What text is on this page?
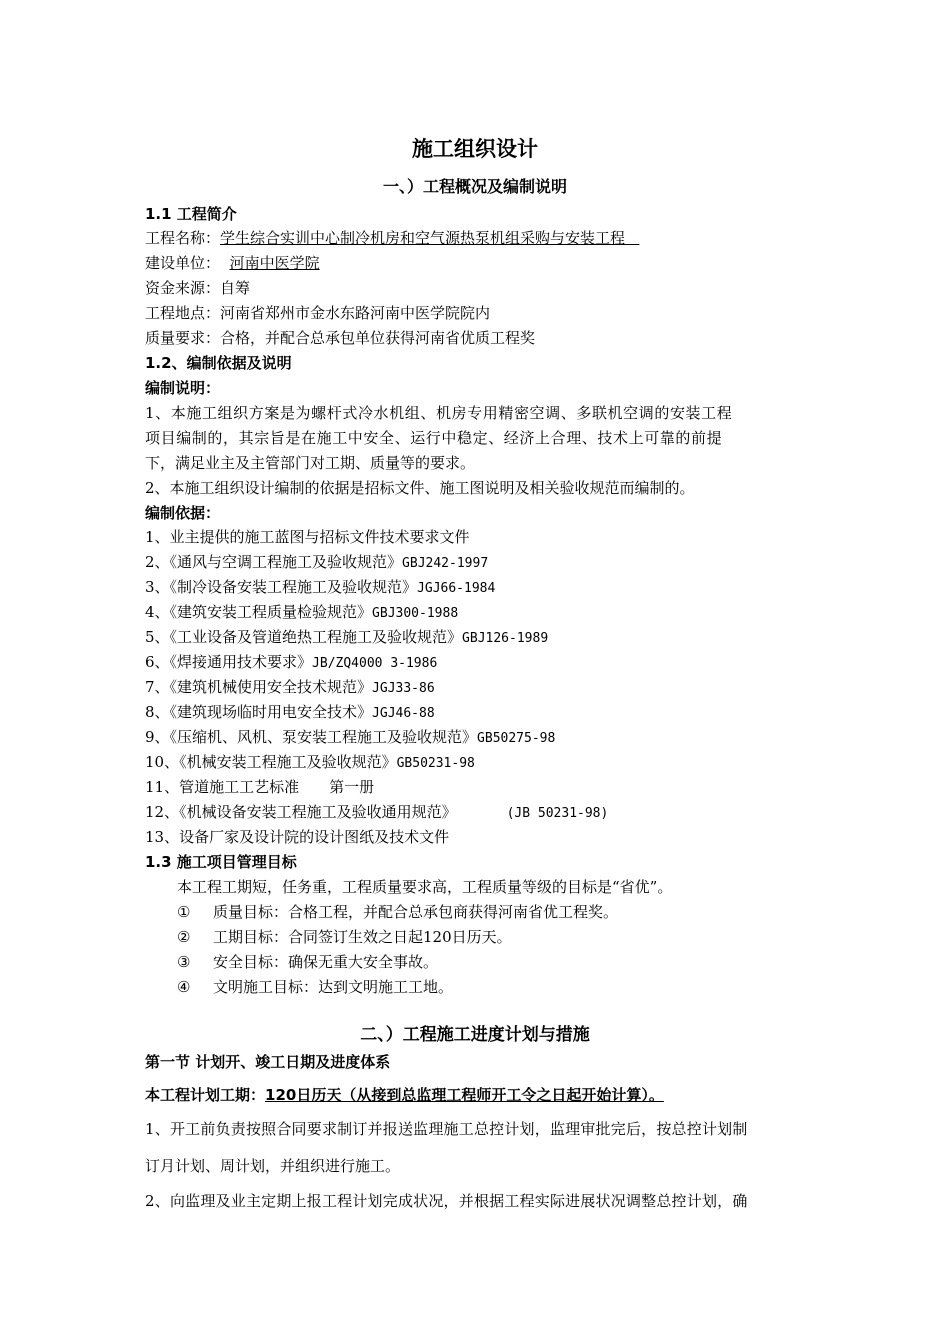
施工组织设计
一、）工程概况及编制说明
1.1 工程简介
工程名称：学生综合实训中心制冷机房和空气源热泵机组采购与安装工程
建设单位： 河南中医学院
资金来源：自筹
工程地点：河南省郑州市金水东路河南中医学院院内
质量要求：合格，并配合总承包单位获得河南省优质工程奖
1.2、编制依据及说明
编制说明：
1、本施工组织方案是为螺杆式冷水机组、机房专用精密空调、多联机空调的安装工程
项目编制的，其宗旨是在施工中安全、运行中稳定、经济上合理、技术上可靠的前提
下，满足业主及主管部门对工期、质量等的要求。
2、本施工组织设计编制的依据是招标文件、施工图说明及相关验收规范而编制的。
编制依据：
1、业主提供的施工蓝图与招标文件技术要求文件
2、《通风与空调工程施工及验收规范》GBJ242-1997
3、《制冷设备安装工程施工及验收规范》JGJ66-1984
4、《建筑安装工程质量检验规范》GBJ300-1988
5、《工业设备及管道绝热工程施工及验收规范》GBJ126-1989
6、《焊接通用技术要求》JB/ZQ4000 3-1986
7、《建筑机械使用安全技术规范》JGJ33-86
8、《建筑现场临时用电安全技术》JGJ46-88
9、《压缩机、风机、泵安装工程施工及验收规范》GB50275-98
10、《机械安装工程施工及验收规范》GB50231-98
11、管道施工工艺标准 第一册
12、《机械设备安装工程施工及验收通用规范》	(JB 50231-98)
13、设备厂家及设计院的设计图纸及技术文件
1.3 施工项目管理目标
本工程工期短，任务重，工程质量要求高，工程质量等级的目标是“省优”。
① 质量目标：合格工程，并配合总承包商获得河南省优工程奖。
② 工期目标：合同签订生效之日起120日历天。
③ 安全目标：确保无重大安全事故。
④ 文明施工目标：达到文明施工工地。
二、）工程施工进度计划与措施
第一节 计划开、竣工日期及进度体系
本工程计划工期：120日历天（从接到总监理工程师开工令之日起开始计算）。
1、开工前负责按照合同要求制订并报送监理施工总控计划，监理审批完后，按总控计划制
订月计划、周计划，并组织进行施工。
2、向监理及业主定期上报工程计划完成状况，并根据工程实际进展状况调整总控计划，确
